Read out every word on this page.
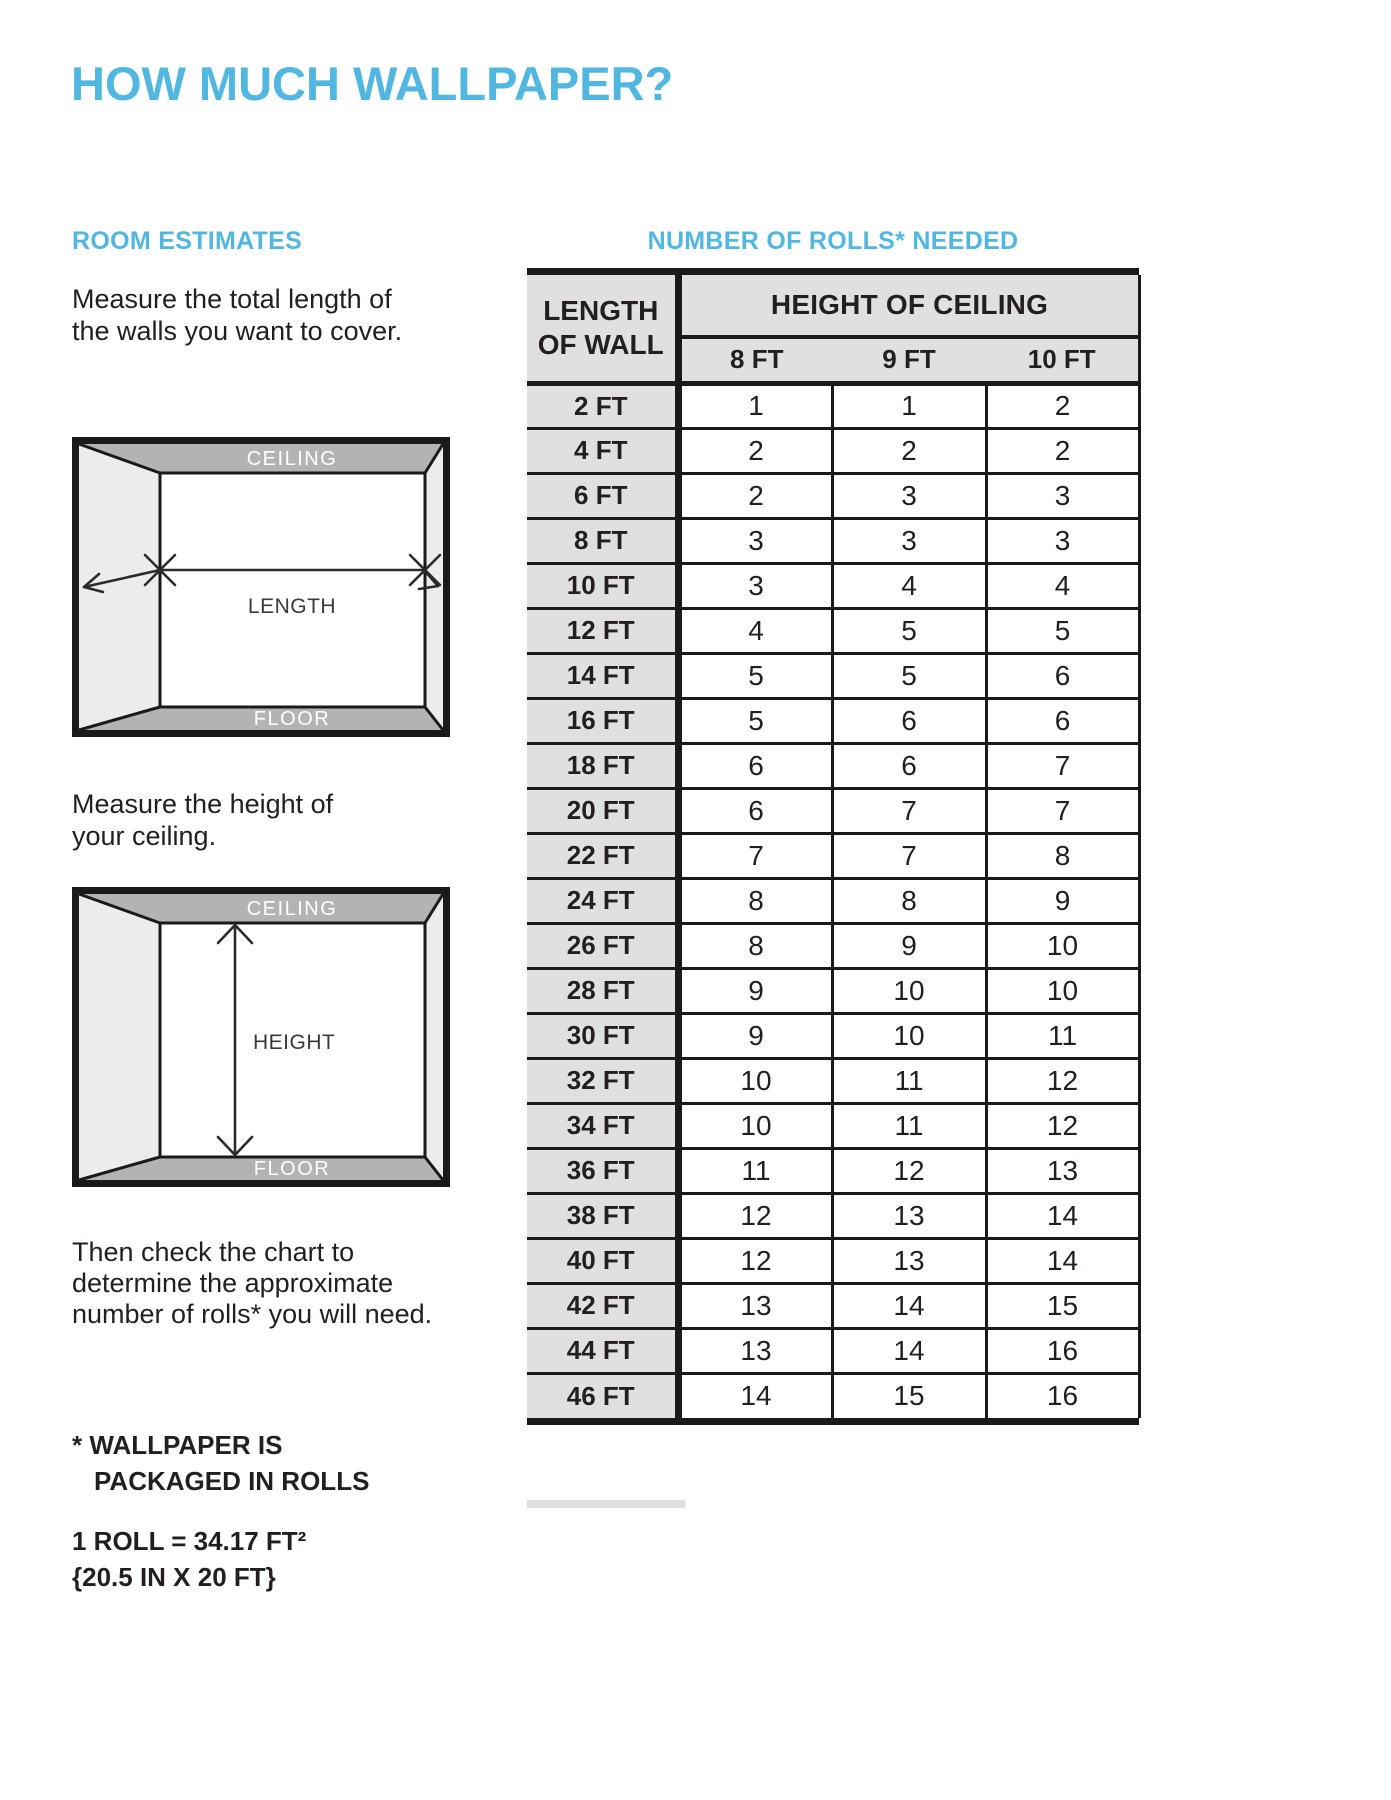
HOW MUCH WALLPAPER?
ROOM ESTIMATES
Measure the total length of
the walls you want to cover.
CEILING
FLOOR
LENGTH
Measure the height of
your ceiling.
CEILING
FLOOR
HEIGHT
Then check the chart to
determine the approximate
number of rolls* you will need.
* WALLPAPER IS
PACKAGED IN ROLLS
1 ROLL = 34.17 FT²
{20.5 IN X 20 FT}
NUMBER OF ROLLS* NEEDED
LENGTH
OF WALL	HEIGHT OF CEILING		
	8 FT	9 FT	10 FT
2 FT	1	1	2
4 FT	2	2	2
6 FT	2	3	3
8 FT	3	3	3
10 FT	3	4	4
12 FT	4	5	5
14 FT	5	5	6
16 FT	5	6	6
18 FT	6	6	7
20 FT	6	7	7
22 FT	7	7	8
24 FT	8	8	9
26 FT	8	9	10
28 FT	9	10	10
30 FT	9	10	11
32 FT	10	11	12
34 FT	10	11	12
36 FT	11	12	13
38 FT	12	13	14
40 FT	12	13	14
42 FT	13	14	15
44 FT	13	14	16
46 FT	14	15	16
